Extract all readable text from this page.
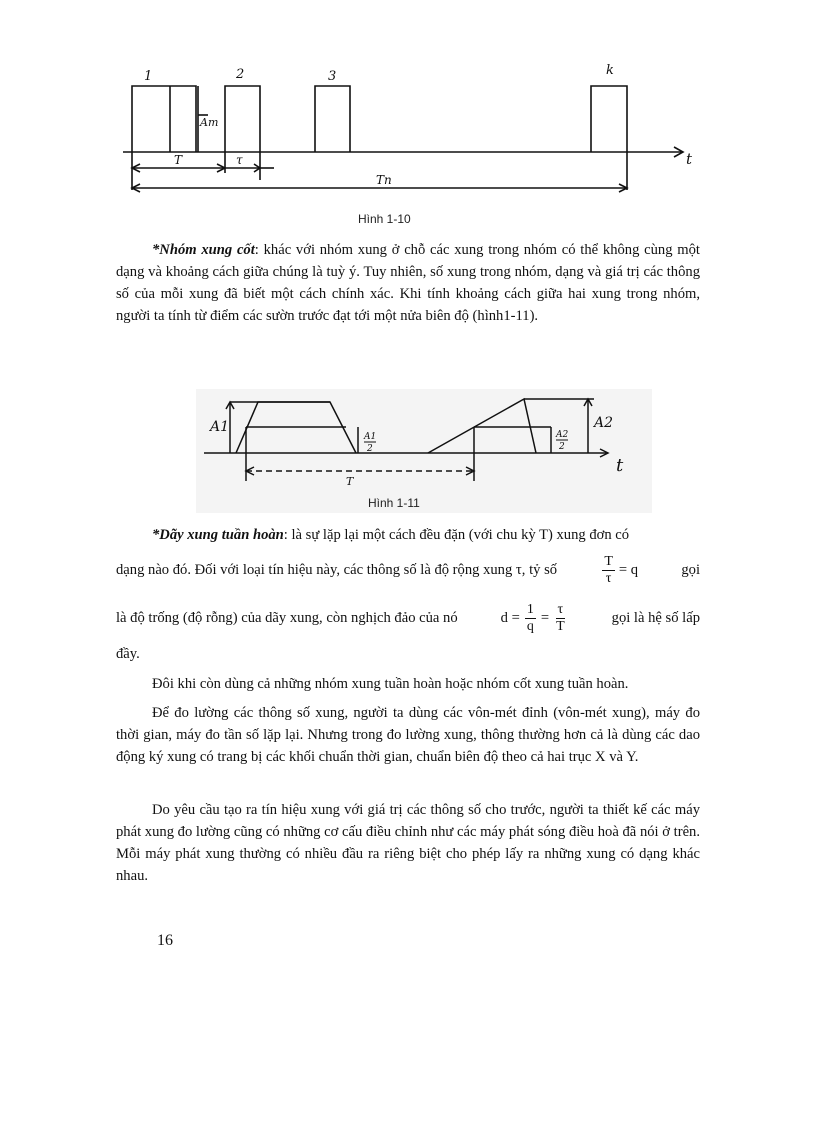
1	2	3	k
Am
T	τ
Tn
t
Hình 1-10
*Nhóm xung cốt: khác với nhóm xung ở chỗ các xung trong nhóm có thể không cùng một dạng và khoảng cách giữa chúng là tuỳ ý. Tuy nhiên, số xung trong nhóm, dạng và giá trị các thông số của mỗi xung đã biết một cách chính xác. Khi tính khoảng cách giữa hai xung trong nhóm, người ta tính từ điểm các sườn trước đạt tới một nửa biên độ (hình1-11).
A1
A1
2
A2
A2
2
T
t
Hình 1-11
*Dãy xung tuần hoàn: là sự lặp lại một cách đều đặn (với chu kỳ T) xung đơn có
dạng nào đó. Đối với loại tín hiệu này, các thông số là độ rộng xung τ, tỷ số	$\frac{T}{\tau} = q$	gọi
là độ trống (độ rỗng) của dãy xung, còn nghịch đảo của nó	$d = \frac{1}{q} = \frac{\tau}{T}$	gọi là hệ số lấp
đầy.
Đôi khi còn dùng cả những nhóm xung tuần hoàn hoặc nhóm cốt xung tuần hoàn.
Để đo lường các thông số xung, người ta dùng các vôn-mét đỉnh (vôn-mét xung), máy đo thời gian, máy đo tần số lặp lại. Nhưng trong đo lường xung, thông thường hơn cả là dùng các dao động ký xung có trang bị các khối chuẩn thời gian, chuẩn biên độ theo cả hai trục X và Y.
Do yêu cầu tạo ra tín hiệu xung với giá trị các thông số cho trước, người ta thiết kế các máy phát xung đo lường cũng có những cơ cấu điều chỉnh như các máy phát sóng điều hoà đã nói ở trên. Mỗi máy phát xung thường có nhiều đầu ra riêng biệt cho phép lấy ra những xung có dạng khác nhau.
16
